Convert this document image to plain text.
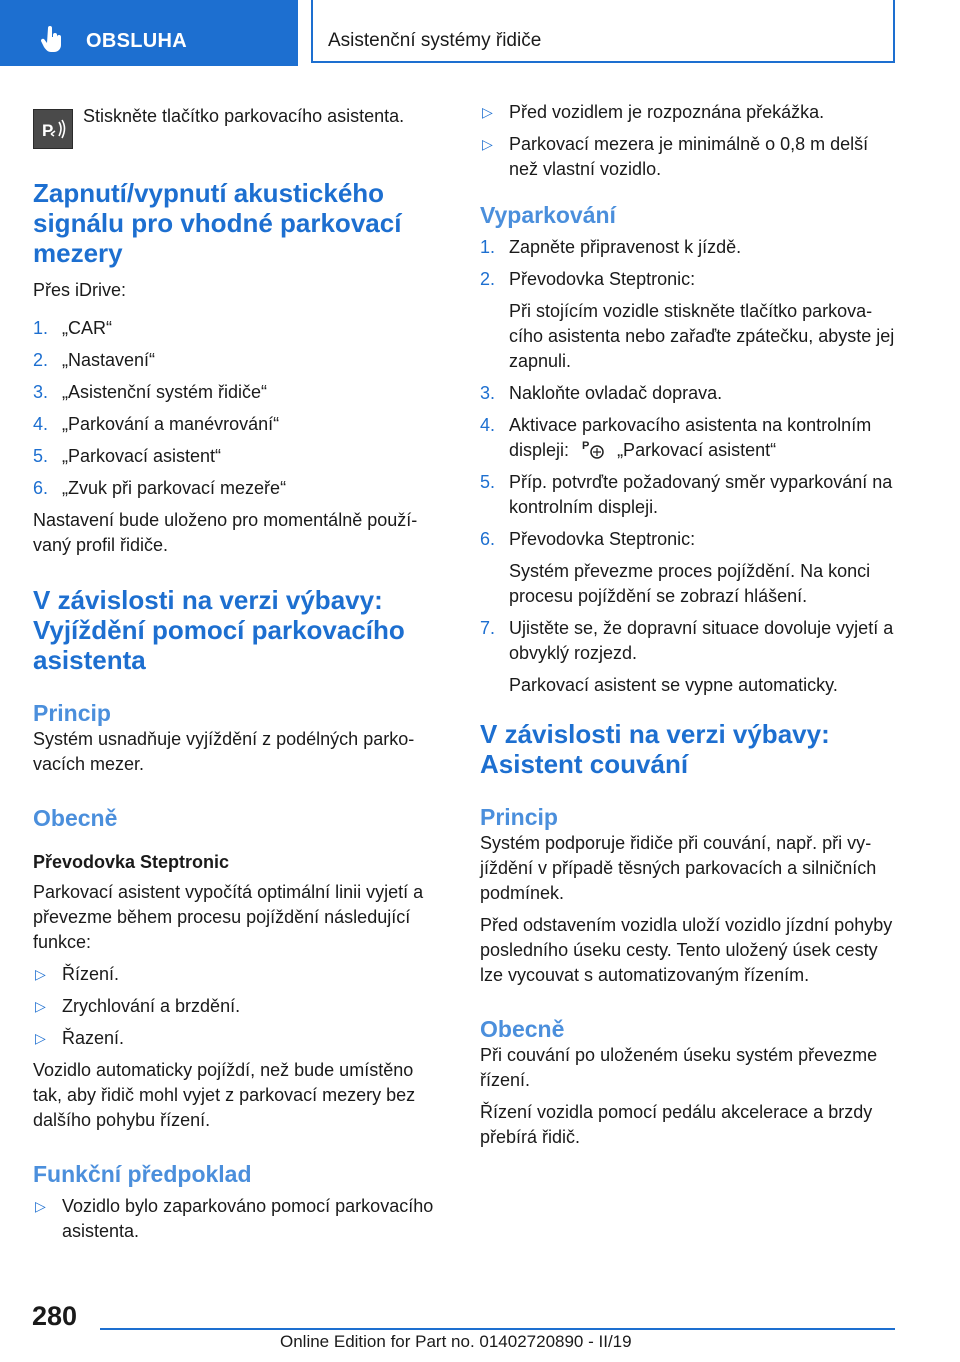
OBSLUHA	Asistenční systémy řidiče
P
Stiskněte tlačítko parkovacího asistenta.

Zapnutí/vypnutí akustického signálu pro vhodné parkovací mezery

Přes iDrive:

1. „CAR“
2. „Nastavení“
3. „Asistenční systém řidiče“
4. „Parkování a manévrování“
5. „Parkovací asistent“
6. „Zvuk při parkovací mezeře“

Nastavení bude uloženo pro momentálně používaný profil řidiče.

V závislosti na verzi výbavy: Vyjíždění pomocí parkovacího asistenta

Princip

Systém usnadňuje vyjíždění z podélných parkovacích mezer.

Obecně

Převodovka Steptronic

Parkovací asistent vypočítá optimální linii vyjetí a převezme během procesu pojíždění následující funkce:

▷ Řízení.
▷ Zrychlování a brzdění.
▷ Řazení.

Vozidlo automaticky pojíždí, než bude umístěno tak, aby řidič mohl vyjet z parkovací mezery bez dalšího pohybu řízení.

Funkční předpoklad

▷ Vozidlo bylo zaparkováno pomocí parkovacího asistenta.
▷ Před vozidlem je rozpoznána překážka.
▷ Parkovací mezera je minimálně o 0,8 m delší než vlastní vozidlo.

Vyparkování

1. Zapněte připravenost k jízdě.
2. Převodovka Steptronic:

Při stojícím vozidle stiskněte tlačítko parkovacího asistenta nebo zařaďte zpátečku, abyste jej zapnuli.

3. Nakloňte ovladač doprava.
4. Aktivace parkovacího asistenta na kontrolním
displeji: P „Parkovací asistent“
5. Příp. potvrďte požadovaný směr vyparkování na kontrolním displeji.
6. Převodovka Steptronic:

Systém převezme proces pojíždění. Na konci procesu pojíždění se zobrazí hlášení.

7. Ujistěte se, že dopravní situace dovoluje vyjetí a obvyklý rozjezd.

Parkovací asistent se vypne automaticky.

V závislosti na verzi výbavy: Asistent couvání

Princip

Systém podporuje řidiče při couvání, např. při vyjíždění v případě těsných parkovacích a silničních podmínek.

Před odstavením vozidla uloží vozidlo jízdní pohyby posledního úseku cesty. Tento uložený úsek cesty lze vycouvat s automatizovaným řízením.

Obecně

Při couvání po uloženém úseku systém převezme řízení.

Řízení vozidla pomocí pedálu akcelerace a brzdy přebírá řidič.

280
Online Edition for Part no. 01402720890 - II/19
